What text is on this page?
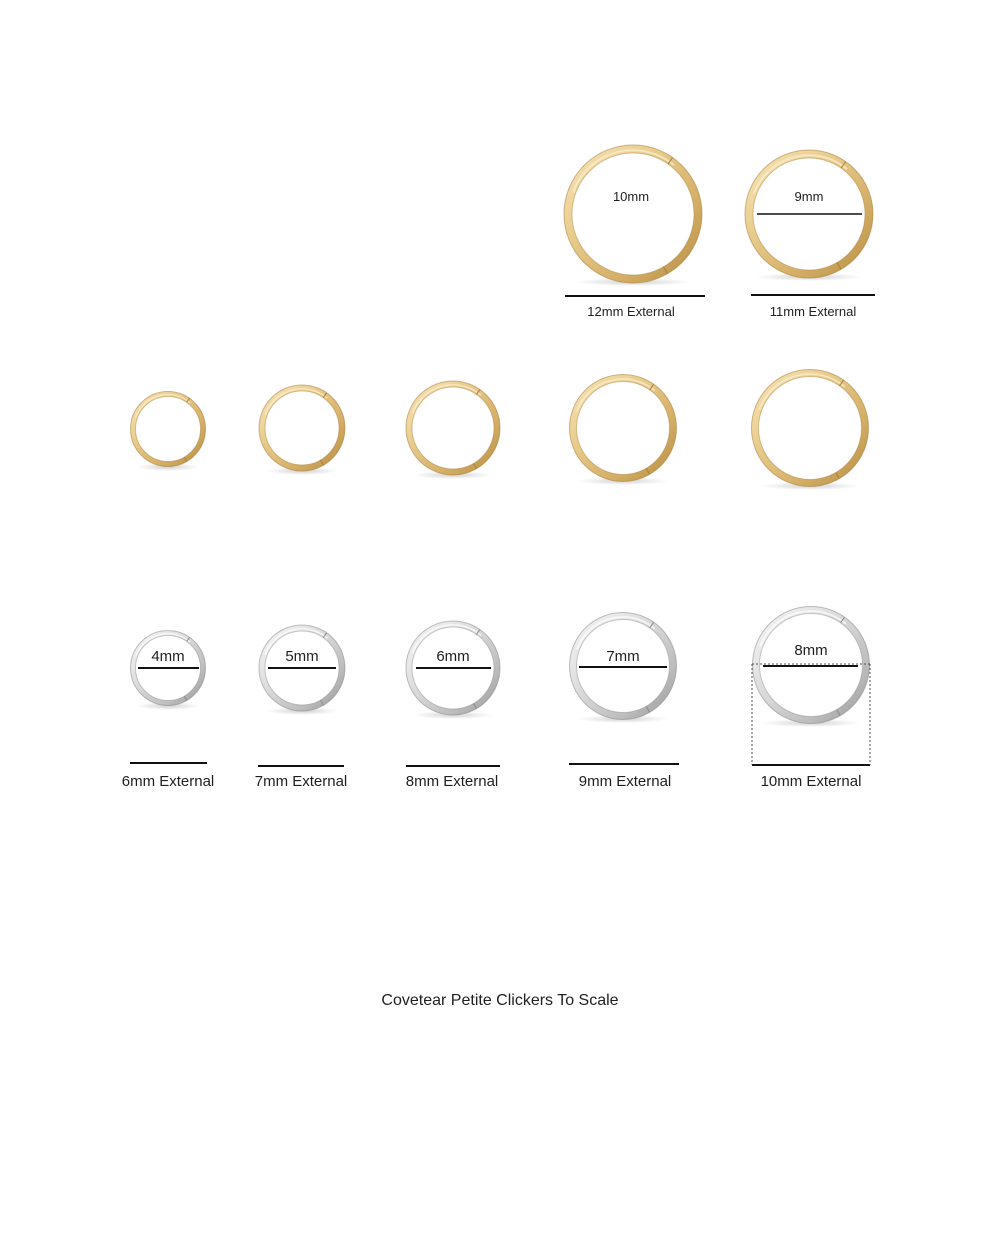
10mm
12mm External
9mm
11mm External
4mm	5mm	6mm	7mm	8mm
6mm External	7mm External	8mm External	9mm External	10mm External
Covetear Petite Clickers To Scale
